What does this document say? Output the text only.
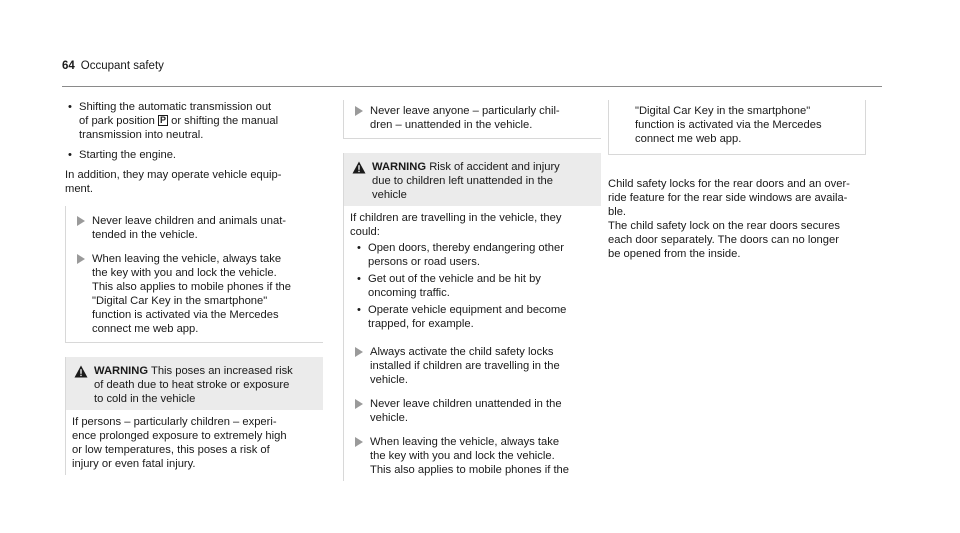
64 Occupant safety
• Shifting the automatic transmission out
of park position P or shifting the manual
transmission into neutral.
• Starting the engine.

In addition, they may operate vehicle equip-
ment.

Never leave children and animals unat-
tended in the vehicle.
When leaving the vehicle, always take
the key with you and lock the vehicle.
This also applies to mobile phones if the
"Digital Car Key in the smartphone"
function is activated via the Mercedes
connect me web app.
WARNING This poses an increased risk
of death due to heat stroke or exposure
to cold in the vehicle
If persons – particularly children – experi-
ence prolonged exposure to extremely high
or low temperatures, this poses a risk of
injury or even fatal injury.
Never leave anyone – particularly chil-
dren – unattended in the vehicle.
WARNING Risk of accident and injury
due to children left unattended in the
vehicle
If children are travelling in the vehicle, they
could:
• Open doors, thereby endangering other
persons or road users.
• Get out of the vehicle and be hit by
oncoming traffic.
• Operate vehicle equipment and become
trapped, for example.
Always activate the child safety locks
installed if children are travelling in the
vehicle.
Never leave children unattended in the
vehicle.
When leaving the vehicle, always take
the key with you and lock the vehicle.
This also applies to mobile phones if the
"Digital Car Key in the smartphone"
function is activated via the Mercedes
connect me web app.

Child safety locks for the rear doors and an over-
ride feature for the rear side windows are availa-
ble.
The child safety lock on the rear doors secures
each door separately. The doors can no longer
be opened from the inside.
